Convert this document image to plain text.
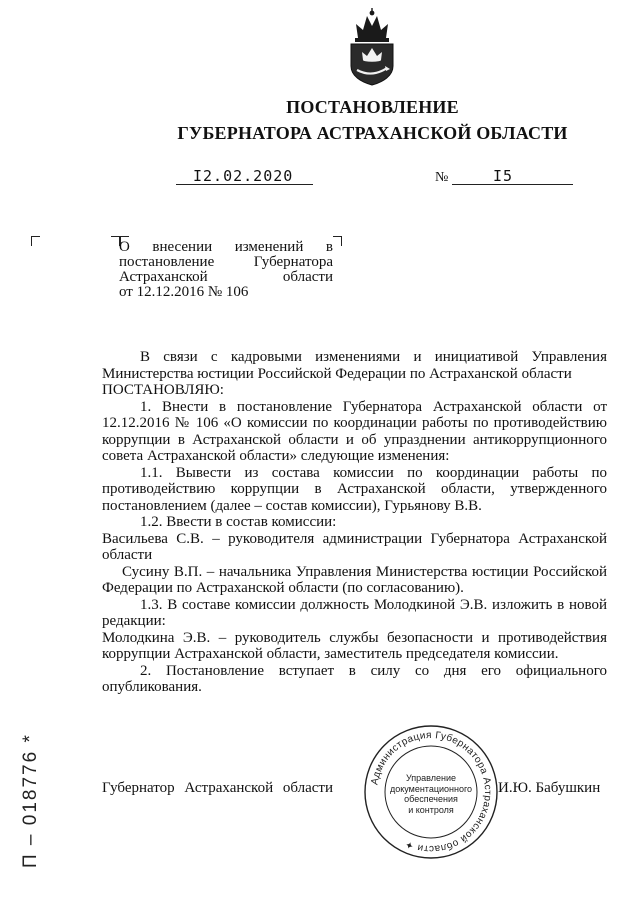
ПОСТАНОВЛЕНИЕ
ГУБЕРНАТОРА АСТРАХАНСКОЙ ОБЛАСТИ
I2.02.2020	№	I5
О внесении изменений в
постановление Губернатора
Астраханской области
от 12.12.2016 № 106

В связи с кадровыми изменениями и инициативой Управления Министерства юстиции Российской Федерации по Астраханской области

ПОСТАНОВЛЯЮ:

1. Внести в постановление Губернатора Астраханской области от 12.12.2016 № 106 «О комиссии по координации работы по противодействию коррупции в Астраханской области и об упразднении антикоррупционного совета Астраханской области» следующие изменения:

1.1. Вывести из состава комиссии по координации работы по противодействию коррупции в Астраханской области, утвержденного постановлением (далее – состав комиссии), Гурьянову В.В.

1.2. Ввести в состав комиссии:

Васильева С.В. – руководителя администрации Губернатора Астраханской области

Сусину В.П. – начальника Управления Министерства юстиции Российской Федерации по Астраханской области (по согласованию).

1.3. В составе комиссии должность Молодкиной Э.В. изложить в новой редакции:

Молодкина Э.В. – руководитель службы безопасности и противодействия коррупции Астраханской области, заместитель председателя комиссии.

2. Постановление вступает в силу со дня его официального опубликования.

Губернатор Астраханской области	И.Ю. Бабушкин
Администрация Губернатора Астраханской области ✦
Управление
документационного
обеспечения
и контроля
П – 018776 *
